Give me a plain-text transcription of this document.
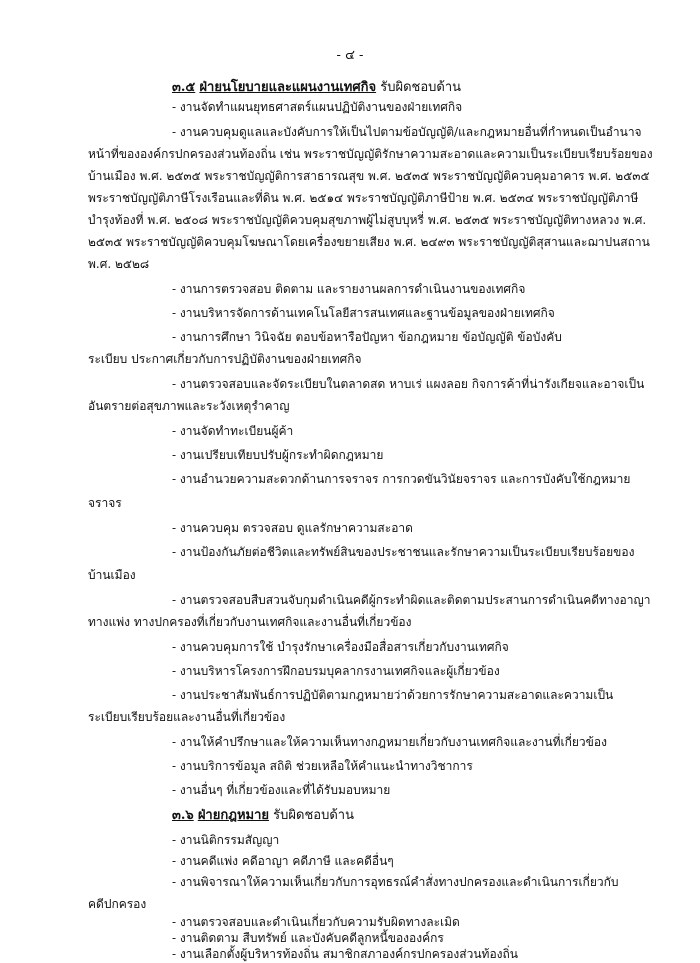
- ๔ -
๓.๕ ฝ่ายนโยบายและแผนงานเทศกิจ รับผิดชอบด้าน
- งานจัดทำแผนยุทธศาสตร์แผนปฏิบัติงานของฝ่ายเทศกิจ
- งานควบคุมดูแลและบังคับการให้เป็นไปตามข้อบัญญัติ/และกฎหมายอื่นที่กำหนดเป็นอำนาจ
หน้าที่ขององค์กรปกครองส่วนท้องถิ่น เช่น พระราชบัญญัติรักษาความสะอาดและความเป็นระเบียบเรียบร้อยของ
บ้านเมือง พ.ศ. ๒๕๓๕ พระราชบัญญัติการสาธารณสุข พ.ศ. ๒๕๓๕ พระราชบัญญัติควบคุมอาคาร พ.ศ. ๒๕๓๕
พระราชบัญญัติภาษีโรงเรือนและที่ดิน พ.ศ. ๒๕๑๔ พระราชบัญญัติภาษีป้าย พ.ศ. ๒๕๓๔ พระราชบัญญัติภาษี
บำรุงท้องที่ พ.ศ. ๒๕๐๘ พระราชบัญญัติควบคุมสุขภาพผู้ไม่สูบบุหรี่ พ.ศ. ๒๕๓๕ พระราชบัญญัติทางหลวง พ.ศ.
๒๕๓๕ พระราชบัญญัติควบคุมโฆษณาโดยเครื่องขยายเสียง พ.ศ. ๒๔๙๓ พระราชบัญญัติสุสานและฌาปนสถาน
พ.ศ. ๒๕๒๘
- งานการตรวจสอบ ติดตาม และรายงานผลการดำเนินงานของเทศกิจ
- งานบริหารจัดการด้านเทคโนโลยีสารสนเทศและฐานข้อมูลของฝ่ายเทศกิจ
- งานการศึกษา วินิจฉัย ตอบข้อหารือปัญหา ข้อกฎหมาย ข้อบัญญัติ ข้อบังคับ
ระเบียบ ประกาศเกี่ยวกับการปฏิบัติงานของฝ่ายเทศกิจ
- งานตรวจสอบและจัดระเบียบในตลาดสด หาบเร่ แผงลอย กิจการค้าที่น่ารังเกียจและอาจเป็น
อันตรายต่อสุขภาพและระวังเหตุรำคาญ
- งานจัดทำทะเบียนผู้ค้า
- งานเปรียบเทียบปรับผู้กระทำผิดกฎหมาย
- งานอำนวยความสะดวกด้านการจราจร การกวดขันวินัยจราจร และการบังคับใช้กฎหมาย
จราจร
- งานควบคุม ตรวจสอบ ดูแลรักษาความสะอาด
- งานป้องกันภัยต่อชีวิตและทรัพย์สินของประชาชนและรักษาความเป็นระเบียบเรียบร้อยของ
บ้านเมือง
- งานตรวจสอบสืบสวนจับกุมดำเนินคดีผู้กระทำผิดและติดตามประสานการดำเนินคดีทางอาญา
ทางแพ่ง ทางปกครองที่เกี่ยวกับงานเทศกิจและงานอื่นที่เกี่ยวข้อง
- งานควบคุมการใช้ บำรุงรักษาเครื่องมือสื่อสารเกี่ยวกับงานเทศกิจ
- งานบริหารโครงการฝึกอบรมบุคลากรงานเทศกิจและผู้เกี่ยวข้อง
- งานประชาสัมพันธ์การปฏิบัติตามกฎหมายว่าด้วยการรักษาความสะอาดและความเป็น
ระเบียบเรียบร้อยและงานอื่นที่เกี่ยวข้อง
- งานให้คำปรึกษาและให้ความเห็นทางกฎหมายเกี่ยวกับงานเทศกิจและงานที่เกี่ยวข้อง
- งานบริการข้อมูล สถิติ ช่วยเหลือให้คำแนะนำทางวิชาการ
- งานอื่นๆ ที่เกี่ยวข้องและที่ได้รับมอบหมาย
๓.๖ ฝ่ายกฎหมาย รับผิดชอบด้าน
- งานนิติกรรมสัญญา
- งานคดีแพ่ง คดีอาญา คดีภาษี และคดีอื่นๆ
- งานพิจารณาให้ความเห็นเกี่ยวกับการอุทธรณ์คำสั่งทางปกครองและดำเนินการเกี่ยวกับ
คดีปกครอง
- งานตรวจสอบและดำเนินเกี่ยวกับความรับผิดทางละเมิด
- งานติดตาม สืบทรัพย์ และบังคับคดีลูกหนี้ขององค์กร
- งานเลือกตั้งผู้บริหารท้องถิ่น สมาชิกสภาองค์กรปกครองส่วนท้องถิ่น
